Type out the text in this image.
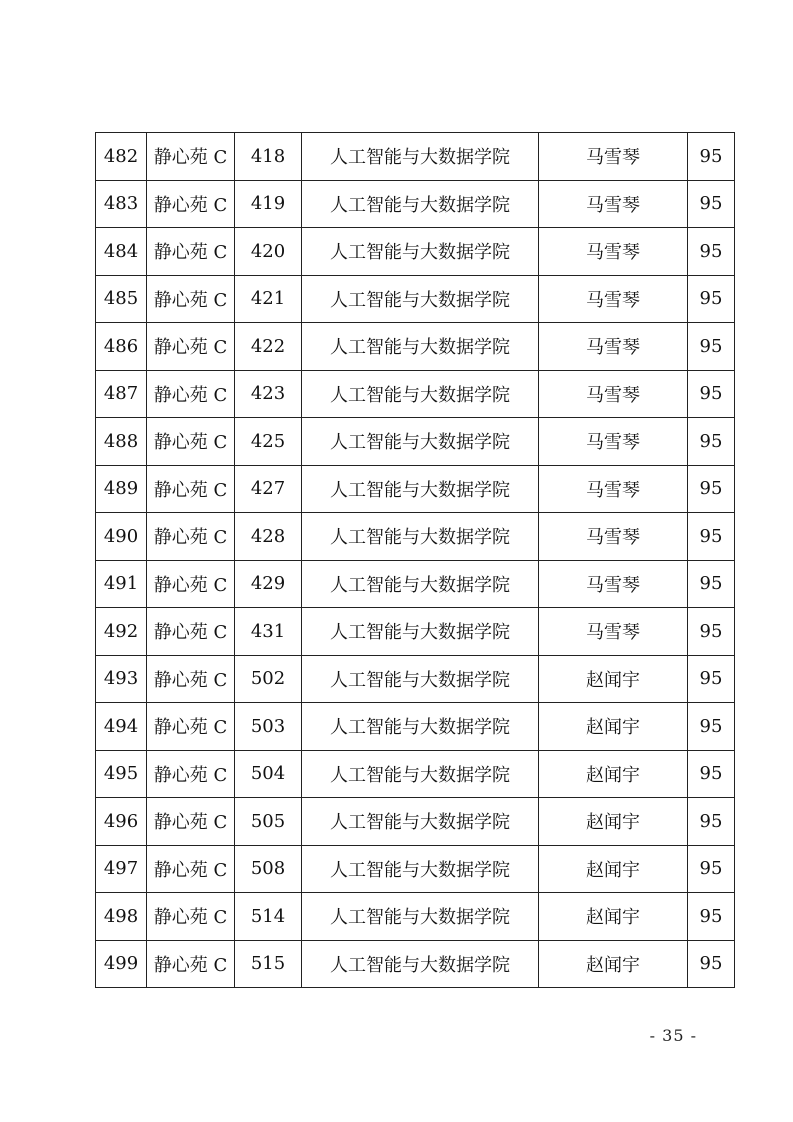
482	静心苑 C	418	人工智能与大数据学院	马雪琴	95
483	静心苑 C	419	人工智能与大数据学院	马雪琴	95
484	静心苑 C	420	人工智能与大数据学院	马雪琴	95
485	静心苑 C	421	人工智能与大数据学院	马雪琴	95
486	静心苑 C	422	人工智能与大数据学院	马雪琴	95
487	静心苑 C	423	人工智能与大数据学院	马雪琴	95
488	静心苑 C	425	人工智能与大数据学院	马雪琴	95
489	静心苑 C	427	人工智能与大数据学院	马雪琴	95
490	静心苑 C	428	人工智能与大数据学院	马雪琴	95
491	静心苑 C	429	人工智能与大数据学院	马雪琴	95
492	静心苑 C	431	人工智能与大数据学院	马雪琴	95
493	静心苑 C	502	人工智能与大数据学院	赵闻宇	95
494	静心苑 C	503	人工智能与大数据学院	赵闻宇	95
495	静心苑 C	504	人工智能与大数据学院	赵闻宇	95
496	静心苑 C	505	人工智能与大数据学院	赵闻宇	95
497	静心苑 C	508	人工智能与大数据学院	赵闻宇	95
498	静心苑 C	514	人工智能与大数据学院	赵闻宇	95
499	静心苑 C	515	人工智能与大数据学院	赵闻宇	95
- 35 -
